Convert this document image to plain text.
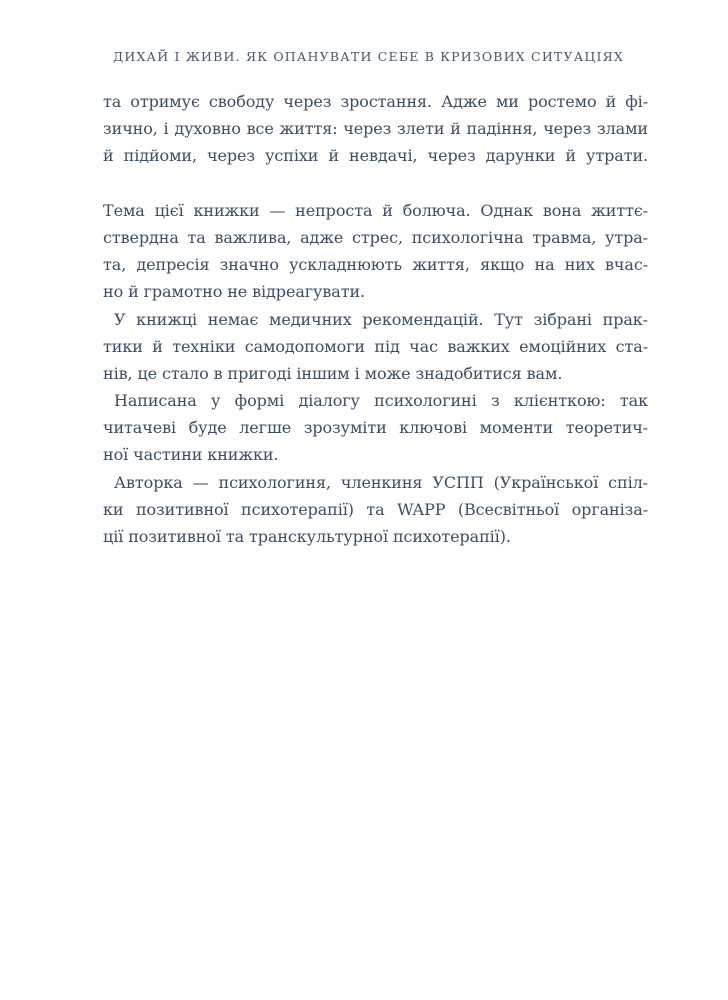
ДИХАЙ І ЖИВИ. ЯК ОПАНУВАТИ СЕБЕ В КРИЗОВИХ СИТУАЦІЯХ

та отримує свободу через зростання. Адже ми ростемо й фі-
зично, і духовно все життя: через злети й падіння, через злами
й підйоми, через успіхи й невдачі, через дарунки й утрати.

Тема цієї книжки — непроста й болюча. Однак вона життє-
ствердна та важлива, адже стрес, психологічна травма, утра-
та, депресія значно ускладнюють життя, якщо на них вчас-
но й грамотно не відреагувати.

У книжці немає медичних рекомендацій. Тут зібрані прак-
тики й техніки самодопомоги під час важких емоційних ста-
нів, це стало в пригоді іншим і може знадобитися вам.

Написана у формі діалогу психологині з клієнткою: так
читачеві буде легше зрозуміти ключові моменти теоретич-
ної частини книжки.

Авторка — психологиня, членкиня УСПП (Української спіл-
ки позитивної психотерапії) та WAPP (Всесвітньої організа-
ції позитивної та транскультурної психотерапії).
